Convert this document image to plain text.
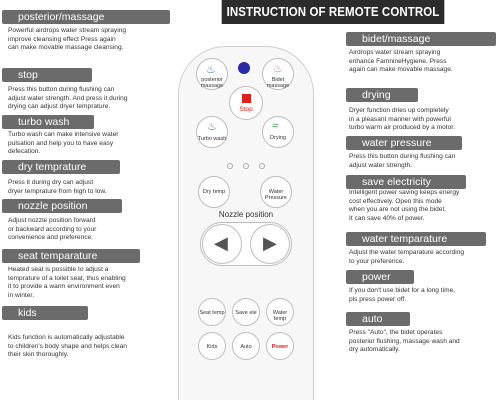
INSTRUCTION OF REMOTE CONTROL
posterior/massage
Powerful airdrops water stream spraying
improve cleansing effect Press again
can make movable massage cleansing.
stop
Press this button during flushing can
adjust water strength. And press it during
drying can adjust dryer temprature.
turbo wash
Turbo wash can make intensive water
pulsation and help you to have easy
defecation.
dry temprature
Press it during dry can adjust
dryer temprature from high to low.
nozzle position
Adjust nozzle position forward
or backward according to your
convenience and preference.
seat temparature
Heated seat is possible to adjust a
temprature of a toilet seat, thus enabling
it to provide a warm environment even
in winter.
kids
Kids function is automatically adjustable
to children's body shape and helps clean
their skin thoroughly.
bidet/massage
Airdrops water stream spraying
enhance FamnineHygiene. Press
again can make movable massage.
drying
Dryer function dries up completely
in a pleasant manner with powerful
turbo warm air produced by a motor.
water pressure
Press this button during flushing can
adjust water strength.
save electricity
Intelligent power saving keeps energy
cost effectively. Open this mode
when you are not using the bidet.
It can save 40% of power.
water temparature
Adjust the water temparature according
to your preference.
power
If you don't use bidet for a long time,
pls press power off.
auto
Press "Auto", the bidet operates
posterior flushing, massage wash and
dry automatically.
♨
posterior massage
♨
Bidet massage
Stop
♨
Turbo wash
≈
Drying
Dry temp	Water Pressure
Nozzle position
◀ ▶
Seat temp	Save ele	Water temp
Kids	Auto	Power
